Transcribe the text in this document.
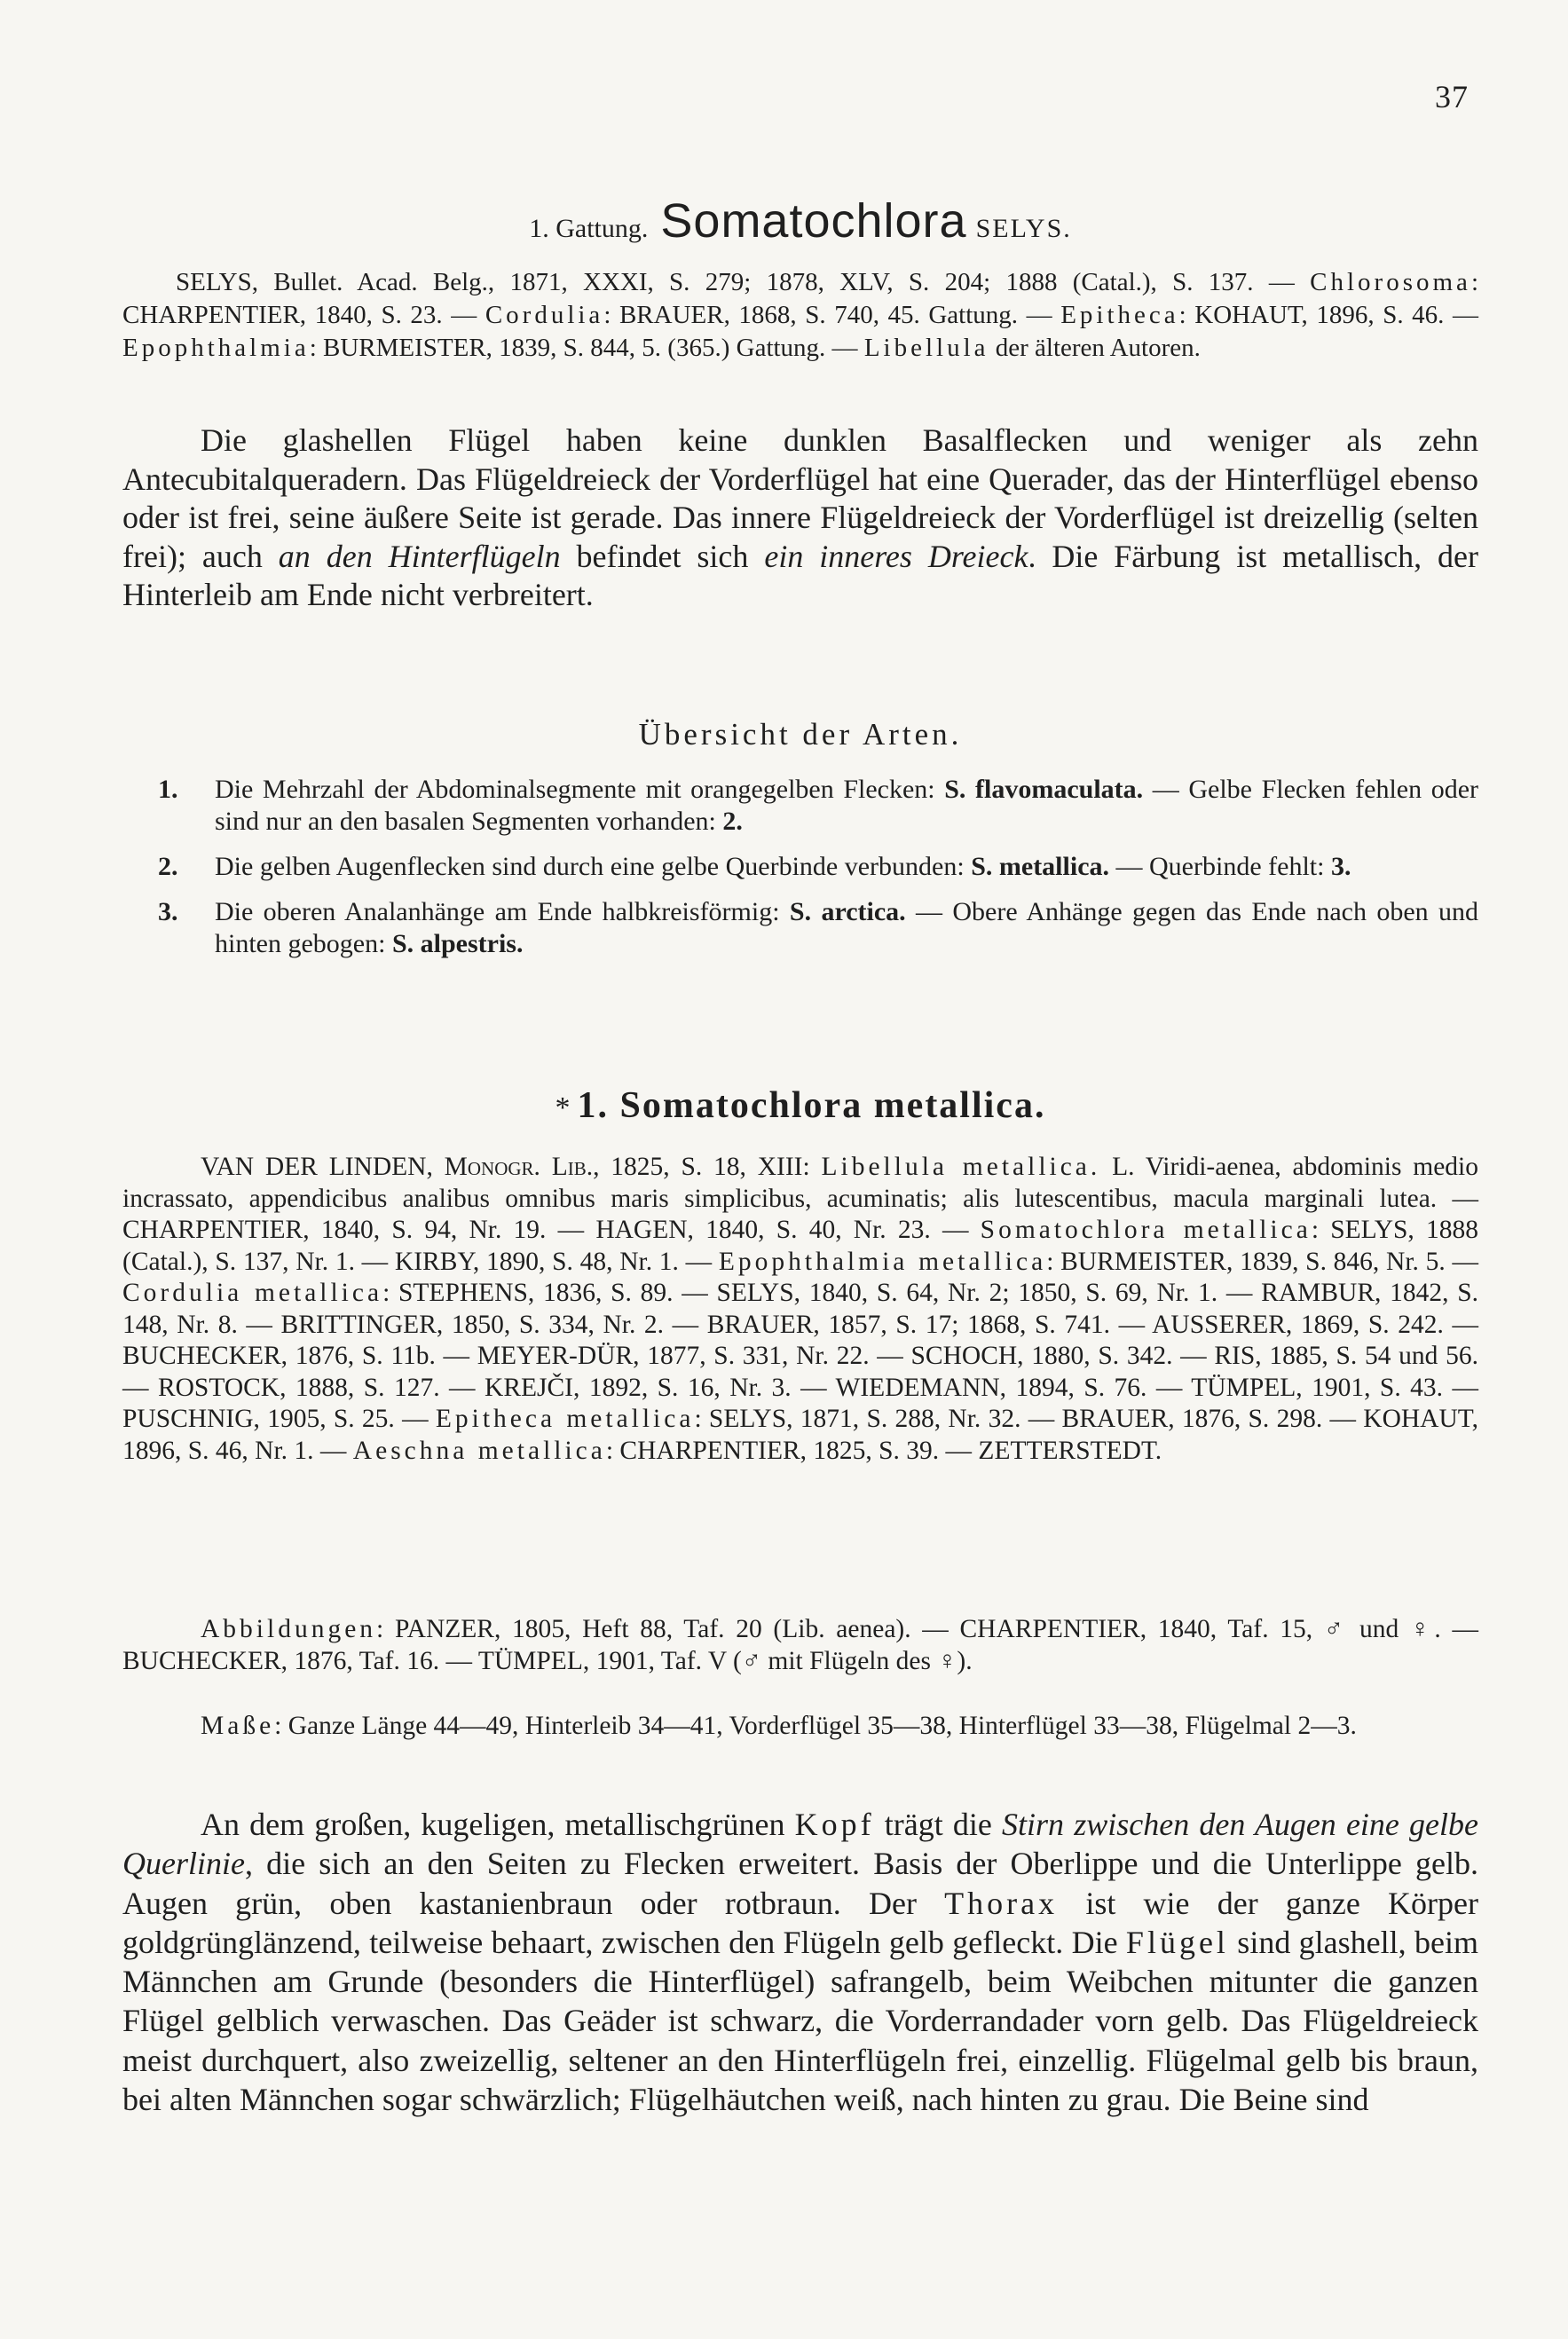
37
1. Gattung. Somatochlora SELYS.

SELYS, Bullet. Acad. Belg., 1871, XXXI, S. 279; 1878, XLV, S. 204; 1888 (Catal.), S. 137. — Chlorosoma: CHARPENTIER, 1840, S. 23. — Cordulia: BRAUER, 1868, S. 740, 45. Gattung. — Epitheca: KOHAUT, 1896, S. 46. — Epophthalmia: BURMEISTER, 1839, S. 844, 5. (365.) Gattung. — Libellula der älteren Autoren.

Die glashellen Flügel haben keine dunklen Basalflecken und weniger als zehn Antecubitalqueradern. Das Flügeldreieck der Vorderflügel hat eine Querader, das der Hinterflügel ebenso oder ist frei, seine äußere Seite ist gerade. Das innere Flügeldreieck der Vorderflügel ist dreizellig (selten frei); auch an den Hinterflügeln befindet sich ein inneres Dreieck. Die Färbung ist metallisch, der Hinterleib am Ende nicht verbreitert.

Übersicht der Arten.
1. Die Mehrzahl der Abdominalsegmente mit orangegelben Flecken: S. flavomaculata. — Gelbe Flecken fehlen oder sind nur an den basalen Segmenten vorhanden: 2.
2. Die gelben Augenflecken sind durch eine gelbe Querbinde verbunden: S. metallica. — Querbinde fehlt: 3.
3. Die oberen Analanhänge am Ende halbkreisförmig: S. arctica. — Obere Anhänge gegen das Ende nach oben und hinten gebogen: S. alpestris.
* 1. Somatochlora metallica.

VAN DER LINDEN, Monogr. Lib., 1825, S. 18, XIII: Libellula metallica. L. Viridi-aenea, abdominis medio incrassato, appendicibus analibus omnibus maris simplicibus, acuminatis; alis lutescentibus, macula marginali lutea. — CHARPENTIER, 1840, S. 94, Nr. 19. — HAGEN, 1840, S. 40, Nr. 23. — Somatochlora metallica: SELYS, 1888 (Catal.), S. 137, Nr. 1. — KIRBY, 1890, S. 48, Nr. 1. — Epophthalmia metallica: BURMEISTER, 1839, S. 846, Nr. 5. — Cordulia metallica: STEPHENS, 1836, S. 89. — SELYS, 1840, S. 64, Nr. 2; 1850, S. 69, Nr. 1. — RAMBUR, 1842, S. 148, Nr. 8. — BRITTINGER, 1850, S. 334, Nr. 2. — BRAUER, 1857, S. 17; 1868, S. 741. — AUSSERER, 1869, S. 242. — BUCHECKER, 1876, S. 11b. — MEYER-DÜR, 1877, S. 331, Nr. 22. — SCHOCH, 1880, S. 342. — RIS, 1885, S. 54 und 56. — ROSTOCK, 1888, S. 127. — KREJČI, 1892, S. 16, Nr. 3. — WIEDEMANN, 1894, S. 76. — TÜMPEL, 1901, S. 43. — PUSCHNIG, 1905, S. 25. — Epitheca metallica: SELYS, 1871, S. 288, Nr. 32. — BRAUER, 1876, S. 298. — KOHAUT, 1896, S. 46, Nr. 1. — Aeschna metallica: CHARPENTIER, 1825, S. 39. — ZETTERSTEDT.

Abbildungen: PANZER, 1805, Heft 88, Taf. 20 (Lib. aenea). — CHARPENTIER, 1840, Taf. 15, ♂ und ♀. — BUCHECKER, 1876, Taf. 16. — TÜMPEL, 1901, Taf. V (♂ mit Flügeln des ♀).

Maße: Ganze Länge 44—49, Hinterleib 34—41, Vorderflügel 35—38, Hinterflügel 33—38, Flügelmal 2—3.

An dem großen, kugeligen, metallischgrünen Kopf trägt die Stirn zwischen den Augen eine gelbe Querlinie, die sich an den Seiten zu Flecken erweitert. Basis der Oberlippe und die Unterlippe gelb. Augen grün, oben kastanienbraun oder rotbraun. Der Thorax ist wie der ganze Körper goldgrünglänzend, teilweise behaart, zwischen den Flügeln gelb gefleckt. Die Flügel sind glashell, beim Männchen am Grunde (besonders die Hinterflügel) safrangelb, beim Weibchen mitunter die ganzen Flügel gelblich verwaschen. Das Geäder ist schwarz, die Vorderrandader vorn gelb. Das Flügeldreieck meist durchquert, also zweizellig, seltener an den Hinterflügeln frei, einzellig. Flügelmal gelb bis braun, bei alten Männchen sogar schwärzlich; Flügelhäutchen weiß, nach hinten zu grau. Die Beine sind
